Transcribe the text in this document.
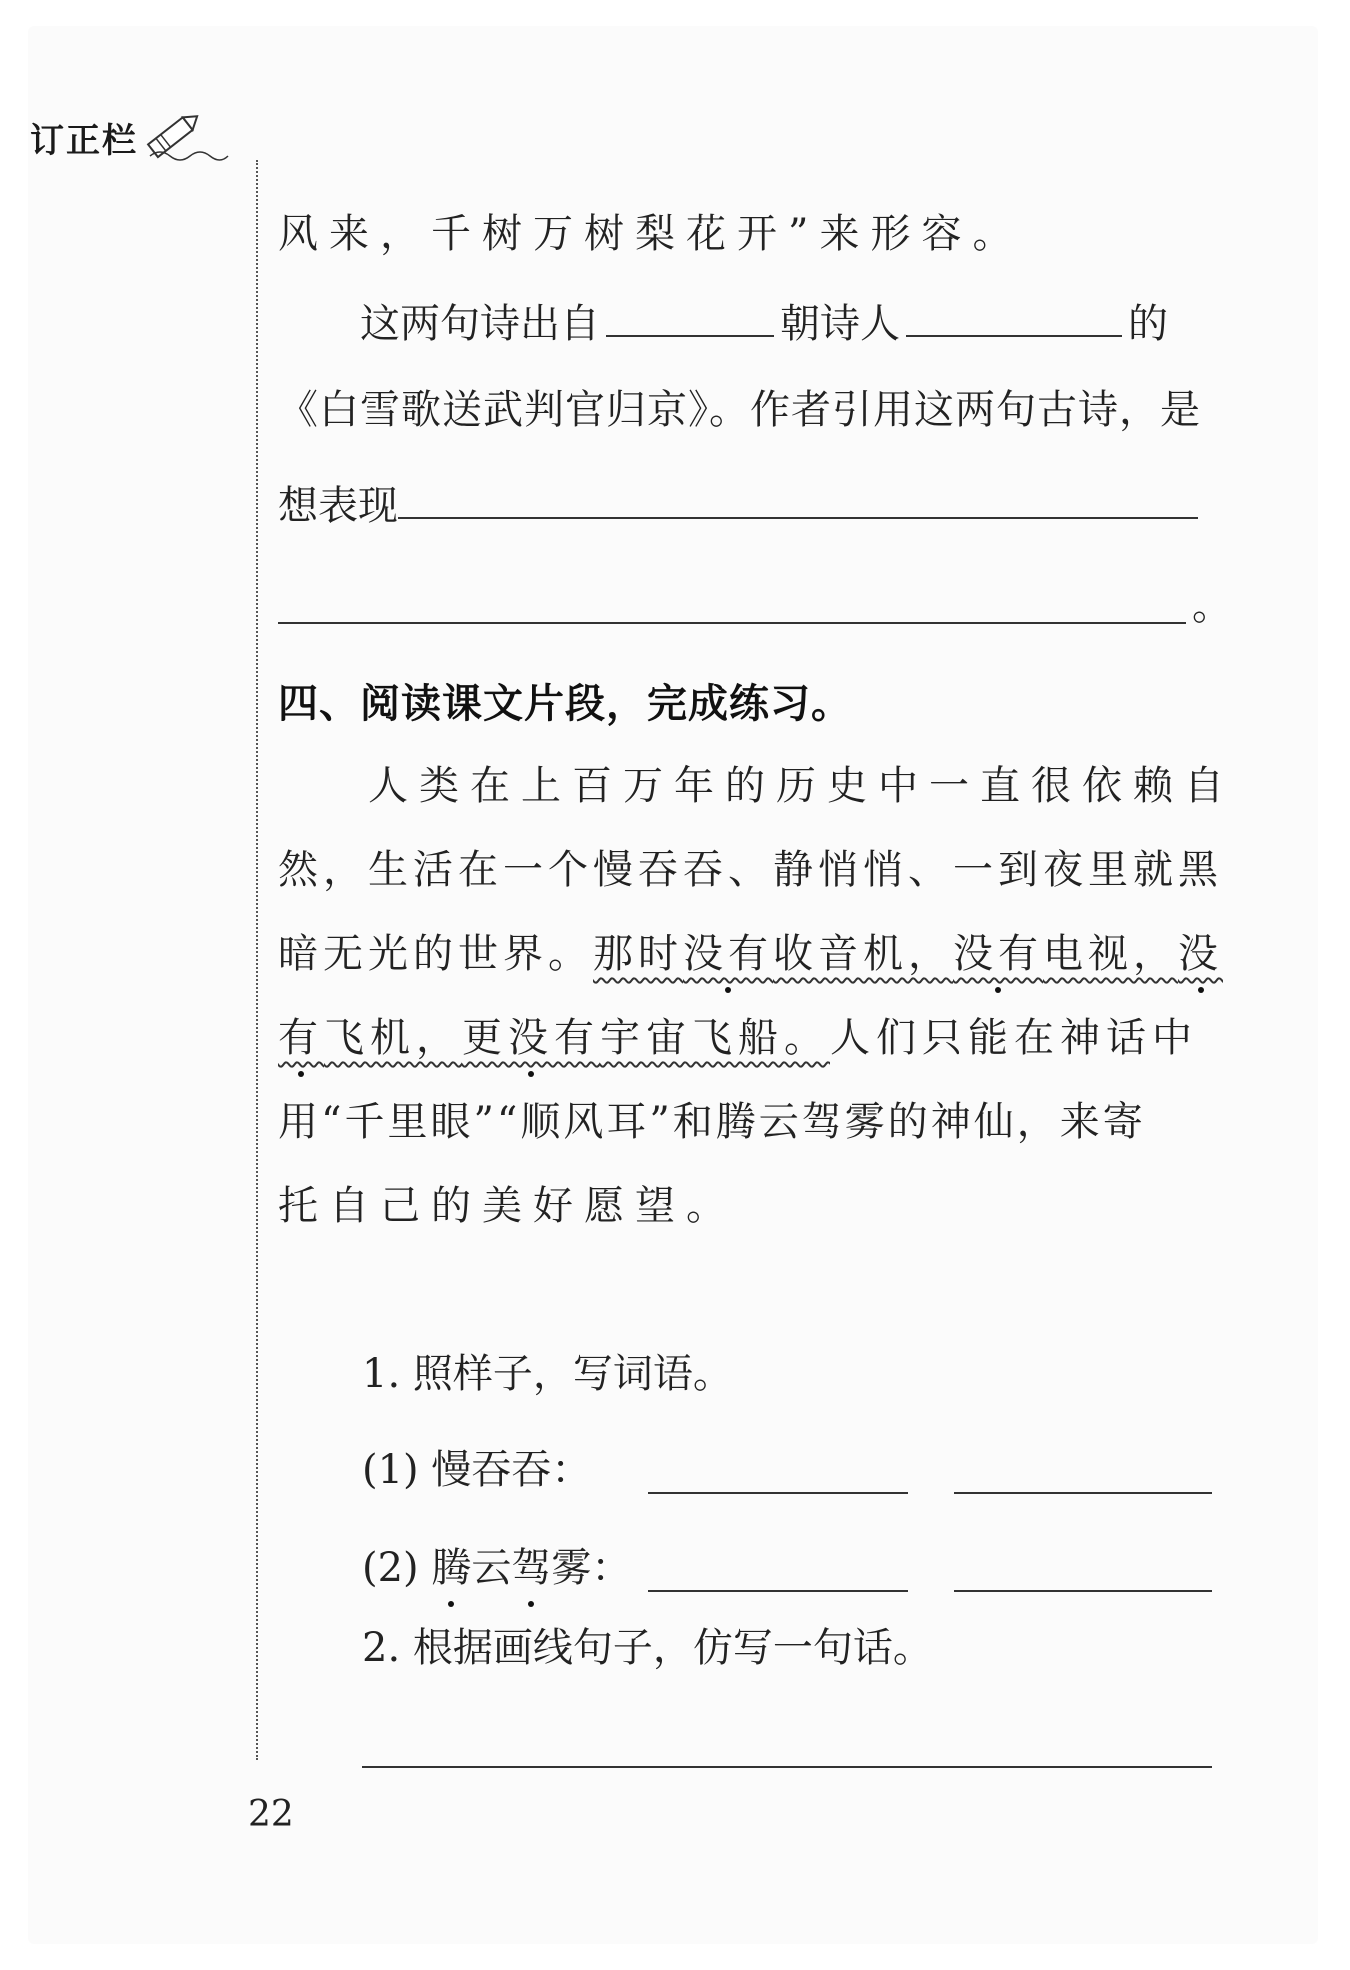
订正栏
风来，千树万树梨花开”来形容。
这两句诗出自	朝诗人	的
《白雪歌送武判官归京》。作者引用这两句古诗，是
想表现
。
四、阅读课文片段，完成练习。
人类在上百万年的历史中一直很依赖自
然，生活在一个慢吞吞、静悄悄、一到夜里就黑
暗无光的世界。那时没有收音机，没有电视，没
有飞机，更没有宇宙飞船。人们只能在神话中
用“千里眼”“顺风耳”和腾云驾雾的神仙，来寄
托自己的美好愿望。
1. 照样子，写词语。
(1) 慢吞吞：
(2) 腾云驾雾：
2. 根据画线句子，仿写一句话。
22
